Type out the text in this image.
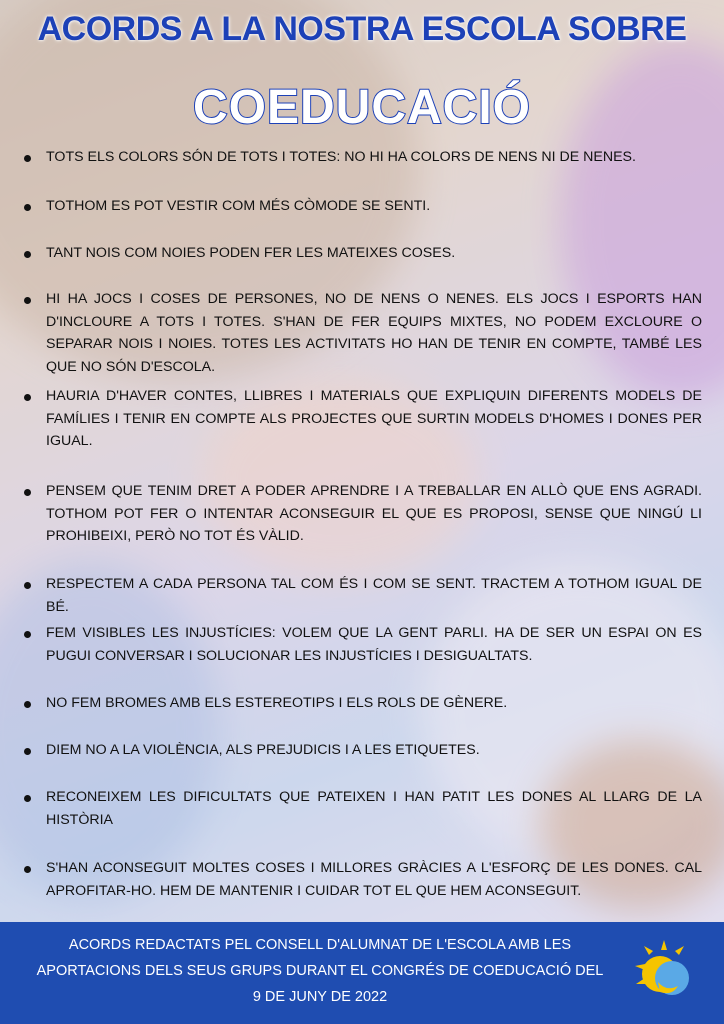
ACORDS A LA NOSTRA ESCOLA SOBRE
COEDUCACIÓ
TOTS ELS COLORS SÓN DE TOTS I TOTES: NO HI HA COLORS DE NENS NI DE NENES.
TOTHOM ES POT VESTIR COM MÉS CÒMODE SE SENTI.
TANT NOIS COM NOIES PODEN FER LES MATEIXES COSES.
HI HA JOCS I COSES DE PERSONES, NO DE NENS O NENES. ELS JOCS I ESPORTS HAN D'INCLOURE A TOTS I TOTES. S'HAN DE FER EQUIPS MIXTES, NO PODEM EXCLOURE O SEPARAR NOIS I NOIES. TOTES LES ACTIVITATS HO HAN DE TENIR EN COMPTE, TAMBÉ LES QUE NO SÓN D'ESCOLA.
HAURIA D'HAVER CONTES, LLIBRES I MATERIALS QUE EXPLIQUIN DIFERENTS MODELS DE FAMÍLIES I TENIR EN COMPTE ALS PROJECTES QUE SURTIN MODELS D'HOMES I DONES PER IGUAL.
PENSEM QUE TENIM DRET A PODER APRENDRE I A TREBALLAR EN ALLÒ QUE ENS AGRADI. TOTHOM POT FER O INTENTAR ACONSEGUIR EL QUE ES PROPOSI, SENSE QUE NINGÚ LI PROHIBEIXI, PERÒ NO TOT ÉS VÀLID.
RESPECTEM A CADA PERSONA TAL COM ÉS I COM SE SENT. TRACTEM A TOTHOM IGUAL DE BÉ.
FEM VISIBLES LES INJUSTÍCIES: VOLEM QUE LA GENT PARLI. HA DE SER UN ESPAI ON ES PUGUI CONVERSAR I SOLUCIONAR LES INJUSTÍCIES I DESIGUALTATS.
NO FEM BROMES AMB ELS ESTEREOTIPS I ELS ROLS DE GÈNERE.
DIEM NO A LA VIOLÈNCIA, ALS PREJUDICIS I A LES ETIQUETES.
RECONEIXEM LES DIFICULTATS QUE PATEIXEN I HAN PATIT LES DONES AL LLARG DE LA HISTÒRIA
S'HAN ACONSEGUIT MOLTES COSES I MILLORES GRÀCIES A L'ESFORÇ DE LES DONES. CAL APROFITAR-HO. HEM DE MANTENIR I CUIDAR TOT EL QUE HEM ACONSEGUIT.
ACORDS REDACTATS PEL CONSELL D'ALUMNAT DE L'ESCOLA AMB LES
APORTACIONS DELS SEUS GRUPS DURANT EL CONGRÉS DE COEDUCACIÓ DEL
9 DE JUNY DE 2022
